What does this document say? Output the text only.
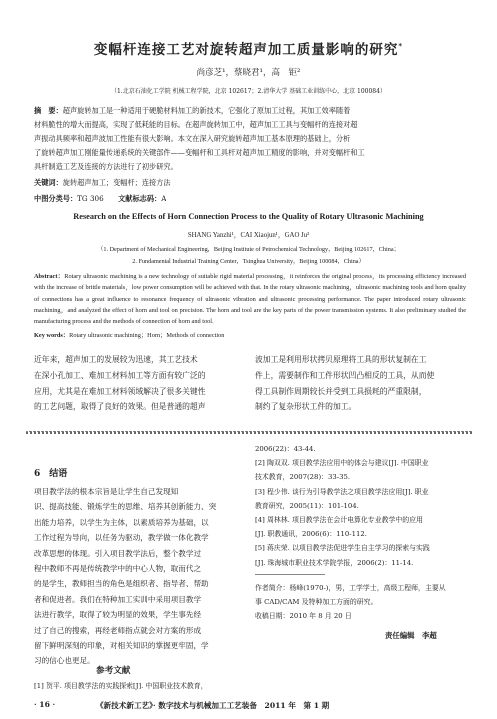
变幅杆连接工艺对旋转超声加工质量影响的研究*
尚彦芝¹，蔡晓君¹，高　钜²
（1.北京石油化工学院 机械工程学院，北京 102617；2.清华大学 基础工业训练中心，北京 100084）
摘　要：超声旋转加工是一种适用于硬脆材料加工的新技术，它强化了原加工过程，其加工效率随着
材料脆性的增大而提高，实现了低耗能的目标。在超声旋转加工中，超声加工工具与变幅杆的连接对超
声振动具频率和超声波加工性能有很大影响。本文在深入研究旋转超声加工基本原理的基础上，分析
了旋转超声加工刚能量传递系统的关键部件——变幅杆和工具杆对超声加工精度的影响，并对变幅杆和工
具杆制造工艺及连接的方法进行了初步研究。
关键词：旋转超声加工；变幅杆；连接方法
中图分类号：TG 306　　 文献标志码：A
Research on the Effects of Horn Connection Process to the Quality of Rotary Ultrasonic Machining
SHANG Yanzhi¹，CAI Xiaojun¹，GAO Ju²
（1. Department of Mechanical Engineering，Beijing Institute of Petrochemical Technology，Beijing 102617，China；
2. Fundamental Industrial Training Center，Tsinghua University，Beijing 100084，China）
Abstract：Rotary ultrasonic machining is a new technology of suitable rigid material processing，it reinforces the original process，its processing efficiency increased with the increase of brittle materials，low power consumption will be achieved with that. In the rotary ultrasonic machining，ultrasonic machining tools and horn quality of connections has a great influence to resonance frequency of ultrasonic vibration and ultrasonic processing performance. The paper introduced rotary ultrasonic machining，and analyzed the effect of horn and tool on precision. The horn and tool are the key parts of the power transmission systems. It also preliminary studied the manufacturing process and the methods of connection of horn and tool.
Key words：Rotary ultrasonic machining；Horn；Methods of connection
近年来，超声加工的发展较为迅速，其工艺技术
在深小孔加工、难加工材料加工等方面有较广泛的
应用，尤其是在难加工材料领域解决了很多关键性
的工艺问题，取得了良好的效果。但是普通的超声
波加工是利用形状拷贝原理将工具的形状复制在工
件上，需要制作和工件形状凹凸相反的工具，从而使
得工具制作周期较长并受到工具损耗的严重限制，
制约了复杂形状工件的加工。
6　 结语
项目教学法的根本宗旨是让学生自己发现知
识、提高技能、锻炼学生的思维、培养其创新能力、突
出能力培养，以学生为主体，以素质培养为基础，以
工作过程为导向，以任务为驱动，教学做一体化教学
改革思想的体现。引入项目教学法后，整个教学过
程中教师不再是传统教学中的中心人物，取而代之
的是学生，教师担当的角色是组织者、指导者、帮助
者和促进者。我们在特种加工实训中采用项目教学
法进行教学，取得了较为明显的效果，学生事先经
过了自己的搜索，再经老师指点就会对方案的形成
留下鲜明深刻的印象，对相关知识的掌握更牢固，学
习的信心也更足。
2006(22)：43-44.
[2] 陶双双. 项目教学法应用中的体会与建议[J]. 中国职业
技术教育，2007(28)：33-35.
[3] 程少伟. 谈行为引导教学法之项目教学法应用[J]. 职业
教育研究，2005(11)：101-104.
[4] 周林林. 项目教学法在会计电算化专业教学中的应用
[J]. 职教通讯，2006(6)：110-112.
[5] 蒋庆荣. 以项目教学法促进学生自主学习的探索与实践
[J]. 珠海城市职业技术学院学报，2006(2)：11-14.
作者简介：杨峰(1970-)，男，工学学士，高级工程师，主要从
事 CAD/CAM 及特种加工方面的研究。
收稿日期：2010 年 8 月 20 日
责任编辑　李超
参考文献
[1] 贺平. 项目教学法的实践探索[J]. 中国职业技术教育，
· 16 ·	《新技术新工艺》· 数字技术与机械加工工艺装备　2011 年　第 1 期
